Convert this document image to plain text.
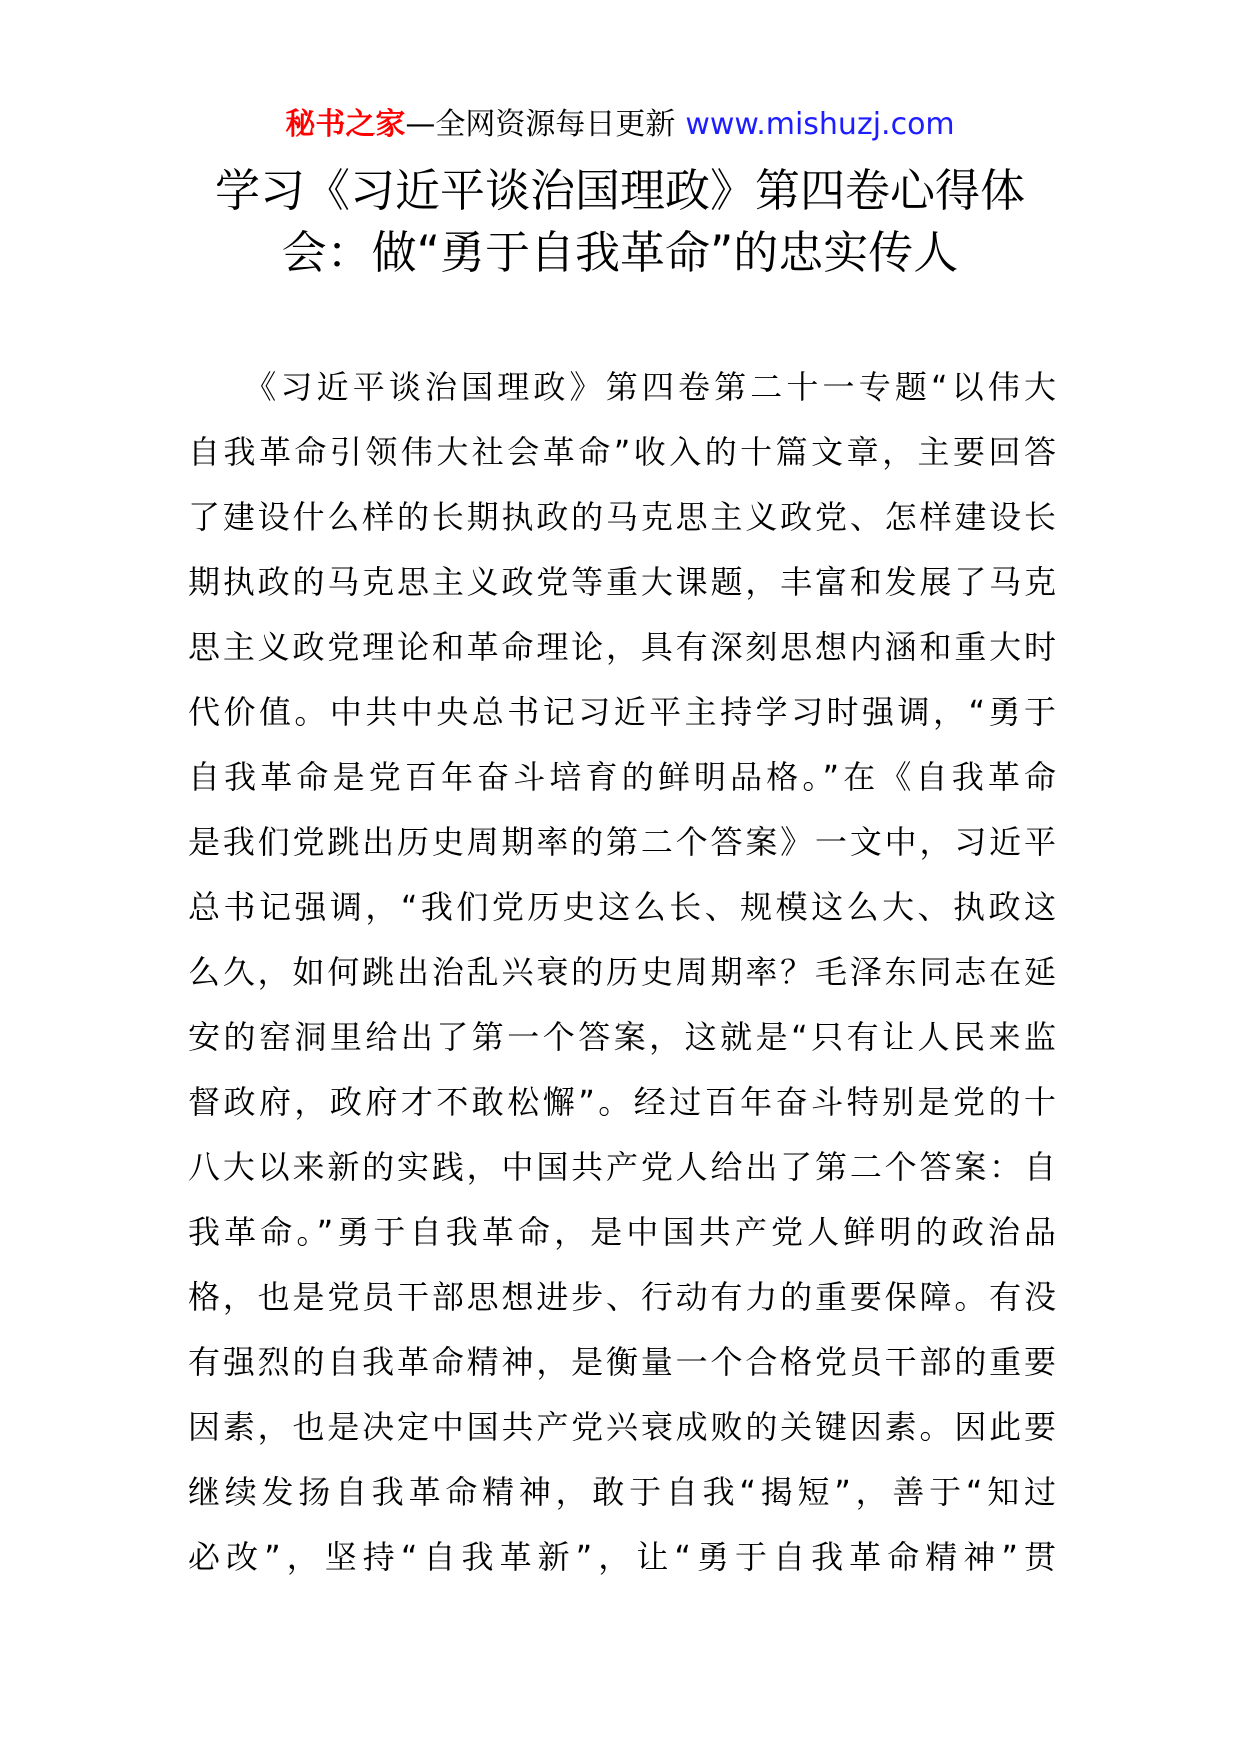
秘书之家—全网资源每日更新 www.mishuzj.com
学习《习近平谈治国理政》第四卷心得体
会：做“勇于自我革命”的忠实传人
　　《习近平谈治国理政》第四卷第二十一专题“以伟大
自我革命引领伟大社会革命”收入的十篇文章，主要回答
了建设什么样的长期执政的马克思主义政党、怎样建设长
期执政的马克思主义政党等重大课题，丰富和发展了马克
思主义政党理论和革命理论，具有深刻思想内涵和重大时
代价值。中共中央总书记习近平主持学习时强调，“勇于
自我革命是党百年奋斗培育的鲜明品格。”在《自我革命
是我们党跳出历史周期率的第二个答案》一文中，习近平
总书记强调，“我们党历史这么长、规模这么大、执政这
么久，如何跳出治乱兴衰的历史周期率？毛泽东同志在延
安的窑洞里给出了第一个答案，这就是“只有让人民来监
督政府，政府才不敢松懈”。经过百年奋斗特别是党的十
八大以来新的实践，中国共产党人给出了第二个答案：自
我革命。”勇于自我革命，是中国共产党人鲜明的政治品
格，也是党员干部思想进步、行动有力的重要保障。有没
有强烈的自我革命精神，是衡量一个合格党员干部的重要
因素，也是决定中国共产党兴衰成败的关键因素。因此要
继续发扬自我革命精神，敢于自我“揭短”，善于“知过
必改”，坚持“自我革新”，让“勇于自我革命精神”贯
